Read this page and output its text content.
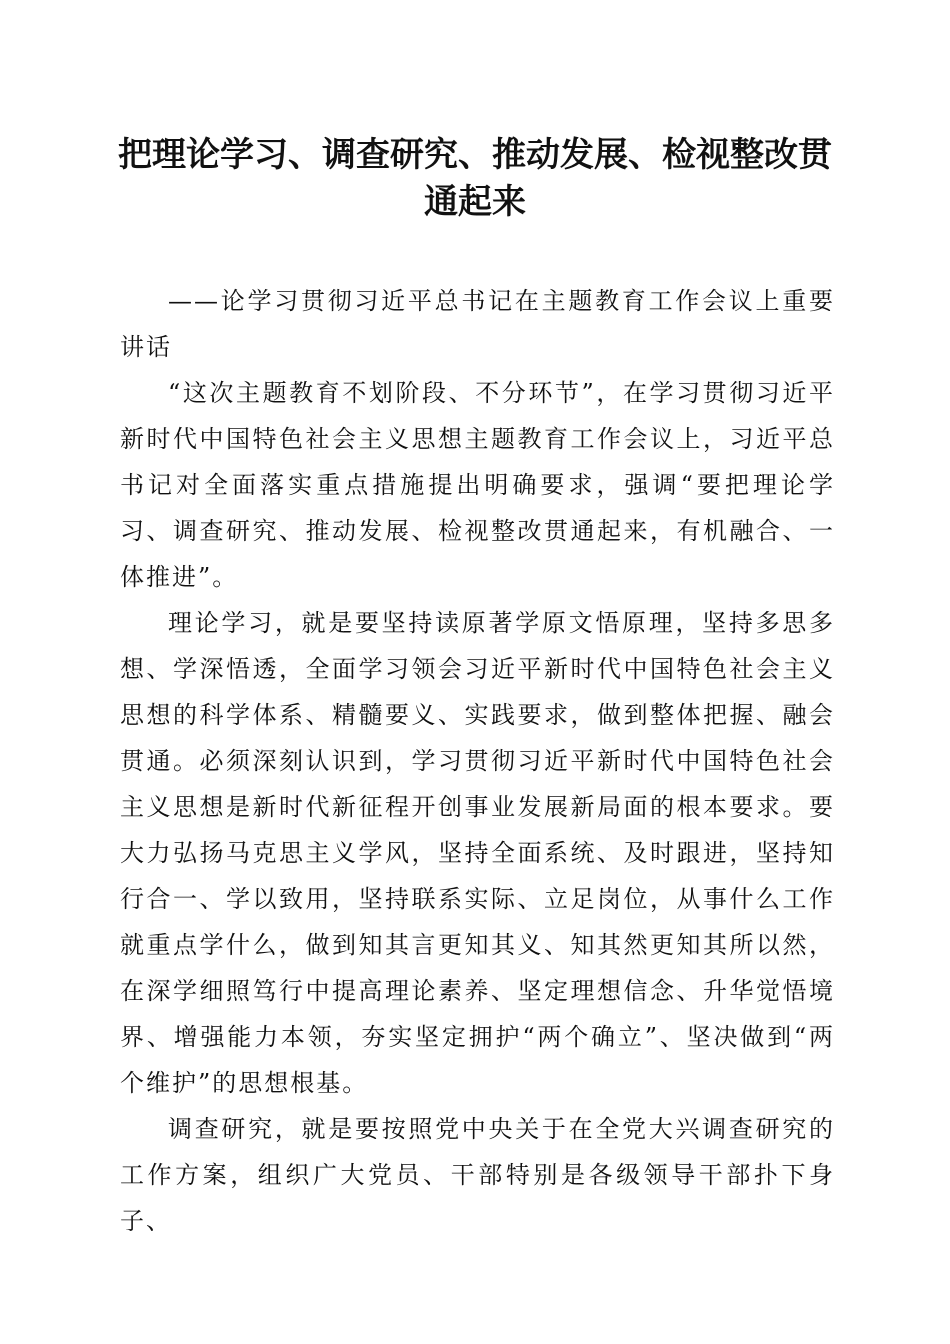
把理论学习、调查研究、推动发展、检视整改贯通起来

——论学习贯彻习近平总书记在主题教育工作会议上重要讲话

“这次主题教育不划阶段、不分环节”，在学习贯彻习近平新时代中国特色社会主义思想主题教育工作会议上，习近平总书记对全面落实重点措施提出明确要求，强调“要把理论学习、调查研究、推动发展、检视整改贯通起来，有机融合、一体推进”。

理论学习，就是要坚持读原著学原文悟原理，坚持多思多想、学深悟透，全面学习领会习近平新时代中国特色社会主义思想的科学体系、精髓要义、实践要求，做到整体把握、融会贯通。必须深刻认识到，学习贯彻习近平新时代中国特色社会主义思想是新时代新征程开创事业发展新局面的根本要求。要大力弘扬马克思主义学风，坚持全面系统、及时跟进，坚持知行合一、学以致用，坚持联系实际、立足岗位，从事什么工作就重点学什么，做到知其言更知其义、知其然更知其所以然，在深学细照笃行中提高理论素养、坚定理想信念、升华觉悟境界、增强能力本领，夯实坚定拥护“两个确立”、坚决做到“两个维护”的思想根基。

调查研究，就是要按照党中央关于在全党大兴调查研究的工作方案，组织广大党员、干部特别是各级领导干部扑下身子、
